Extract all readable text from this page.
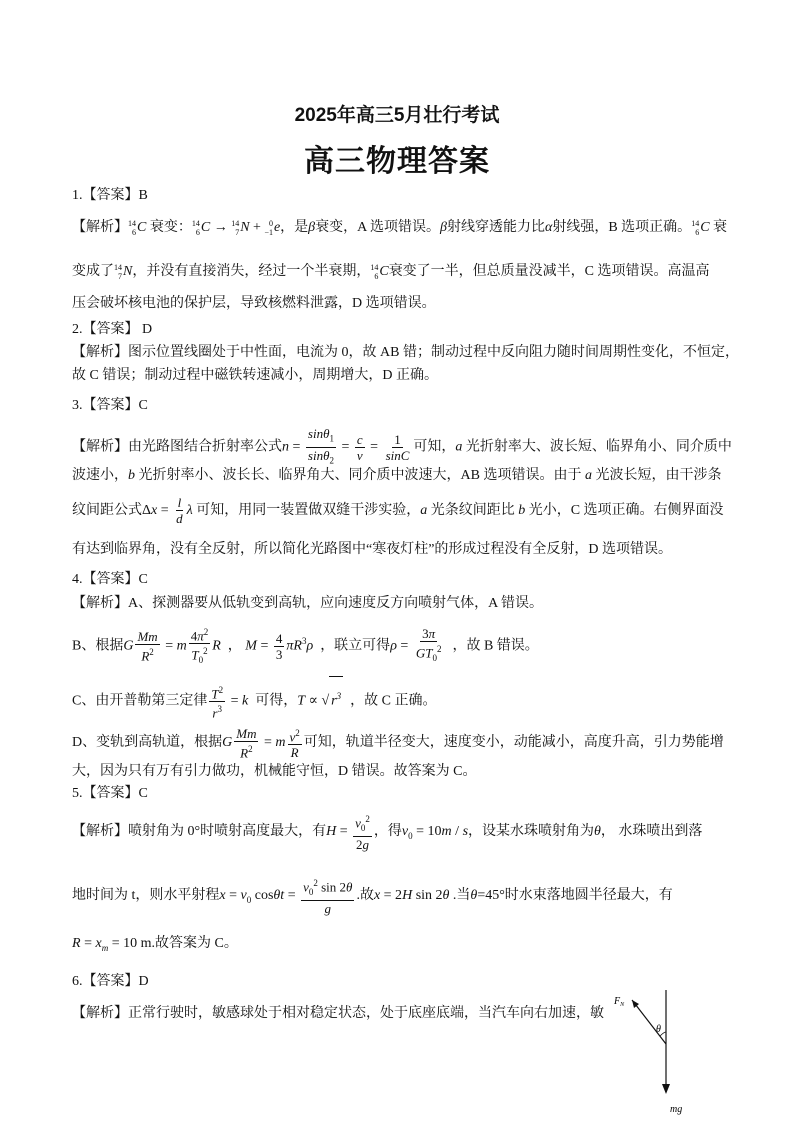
2025年高三5月壮行考试
高三物理答案
1.【答案】B
【解析】 14
6 C 衰变： 14
6 C → 14
7 N + 0
−1 e ，是β衰变，A 选项错误。β射线穿透能力比α射线强，B 选项正确。 14
6 C 衰
变成了 14
7 N ，并没有直接消失，经过一个半衰期， 14
6 C 衰变了一半，但总质量没减半，C 选项错误。高温高
压会破坏核电池的保护层，导致核燃料泄露，D 选项错误。
2.【答案】 D
【解析】图示位置线圈处于中性面，电流为 0，故 AB 错；制动过程中反向阻力随时间周期性变化，不恒定，
故 C 错误；制动过程中磁铁转速减小，周期增大，D 正确。
3.【答案】C
【解析】由光路图结合折射率公式$n = \frac{\sin\theta_1}{\sin\theta_2} = \frac{c}{v} = \frac{1}{\sin C}$ 可知，a 光折射率大、波长短、临界角小、同介质中
波速小，b 光折射率小、波长长、临界角大、同介质中波速大，AB 选项错误。由于 a 光波长短，由干涉条
纹间距公式$\Delta x = \frac{l}{d}$ λ 可知，用同一装置做双缝干涉实验，a 光条纹间距比 b 光小，C 选项正确。右侧界面没
有达到临界角，没有全反射，所以简化光路图中“寒夜灯柱”的形成过程没有全反射，D 选项错误。
4.【答案】C
【解析】A、探测器要从低轨变到高轨，应向速度反方向喷射气体，A 错误。
B、根据G $\frac{Mm}{R^2} = m \frac{4\pi^2}{T_0^2}$ R  ， $M = \frac{4}{3} \pi R^3\rho$ ，联立可得$\rho = \frac{3\pi}{GT_0^2}$ ，故 B 错误。
C、由开普勒第三定律 $\frac{T^2}{r^3} = k$ 可得，T ∝ √ $r^3$ ，故 C 正确。
D、变轨到高轨道，根据G $\frac{Mm}{R^2} = m \frac{v^2}{R}$ 可知，轨道半径变大，速度变小，动能减小，高度升高，引力势能增
大，因为只有万有引力做功，机械能守恒，D 错误。故答案为 C。
5.【答案】C
【解析】喷射角为 0°时喷射高度最大，有$H = \frac{v_0^2}{2g}$ ，得$v_0 = 10m / s$，设某水珠喷射角为θ， 水珠喷出到落
地时间为 t，则水平射程$x = v_0$ $\cos\theta t = \frac{v_0^2 \sin 2\theta}{g}$ .故x = 2H sin 2θ .当θ=45°时水束落地圆半径最大，有
$R = x_m = 10$ m.故答案为 C。
6.【答案】D
【解析】正常行驶时，敏感球处于相对稳定状态，处于底座底端，当汽车向右加速，敏
$F_N$
θ
mg
